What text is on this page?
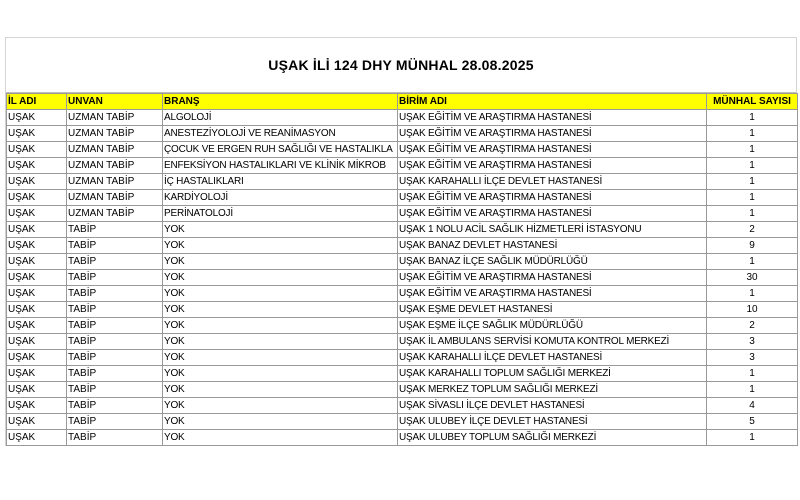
UŞAK İLİ 124 DHY MÜNHAL 28.08.2025
İL ADI	UNVAN	BRANŞ	BİRİM ADI	MÜNHAL SAYISI
UŞAK	UZMAN TABİP	ALGOLOJİ	UŞAK EĞİTİM VE ARAŞTIRMA HASTANESİ	1
UŞAK	UZMAN TABİP	ANESTEZİYOLOJİ VE REANİMASYON	UŞAK EĞİTİM VE ARAŞTIRMA HASTANESİ	1
UŞAK	UZMAN TABİP	ÇOCUK VE ERGEN RUH SAĞLIĞI VE HASTALIKLA	UŞAK EĞİTİM VE ARAŞTIRMA HASTANESİ	1
UŞAK	UZMAN TABİP	ENFEKSİYON HASTALIKLARI VE KLİNİK MİKROB	UŞAK EĞİTİM VE ARAŞTIRMA HASTANESİ	1
UŞAK	UZMAN TABİP	İÇ HASTALIKLARI	UŞAK KARAHALLI İLÇE DEVLET HASTANESİ	1
UŞAK	UZMAN TABİP	KARDİYOLOJİ	UŞAK EĞİTİM VE ARAŞTIRMA HASTANESİ	1
UŞAK	UZMAN TABİP	PERİNATOLOJİ	UŞAK EĞİTİM VE ARAŞTIRMA HASTANESİ	1
UŞAK	TABİP	YOK	UŞAK 1 NOLU ACİL SAĞLIK HİZMETLERİ İSTASYONU	2
UŞAK	TABİP	YOK	UŞAK BANAZ DEVLET HASTANESİ	9
UŞAK	TABİP	YOK	UŞAK BANAZ İLÇE SAĞLIK MÜDÜRLÜĞÜ	1
UŞAK	TABİP	YOK	UŞAK EĞİTİM VE ARAŞTIRMA HASTANESİ	30
UŞAK	TABİP	YOK	UŞAK EĞİTİM VE ARAŞTIRMA HASTANESİ	1
UŞAK	TABİP	YOK	UŞAK EŞME DEVLET HASTANESİ	10
UŞAK	TABİP	YOK	UŞAK EŞME İLÇE SAĞLIK MÜDÜRLÜĞÜ	2
UŞAK	TABİP	YOK	UŞAK İL AMBULANS SERVİSİ KOMUTA KONTROL MERKEZİ	3
UŞAK	TABİP	YOK	UŞAK KARAHALLI İLÇE DEVLET HASTANESİ	3
UŞAK	TABİP	YOK	UŞAK KARAHALLI TOPLUM SAĞLIĞI MERKEZİ	1
UŞAK	TABİP	YOK	UŞAK MERKEZ TOPLUM SAĞLIĞI MERKEZİ	1
UŞAK	TABİP	YOK	UŞAK SİVASLI İLÇE DEVLET HASTANESİ	4
UŞAK	TABİP	YOK	UŞAK ULUBEY İLÇE DEVLET HASTANESİ	5
UŞAK	TABİP	YOK	UŞAK ULUBEY TOPLUM SAĞLIĞI MERKEZİ	1
